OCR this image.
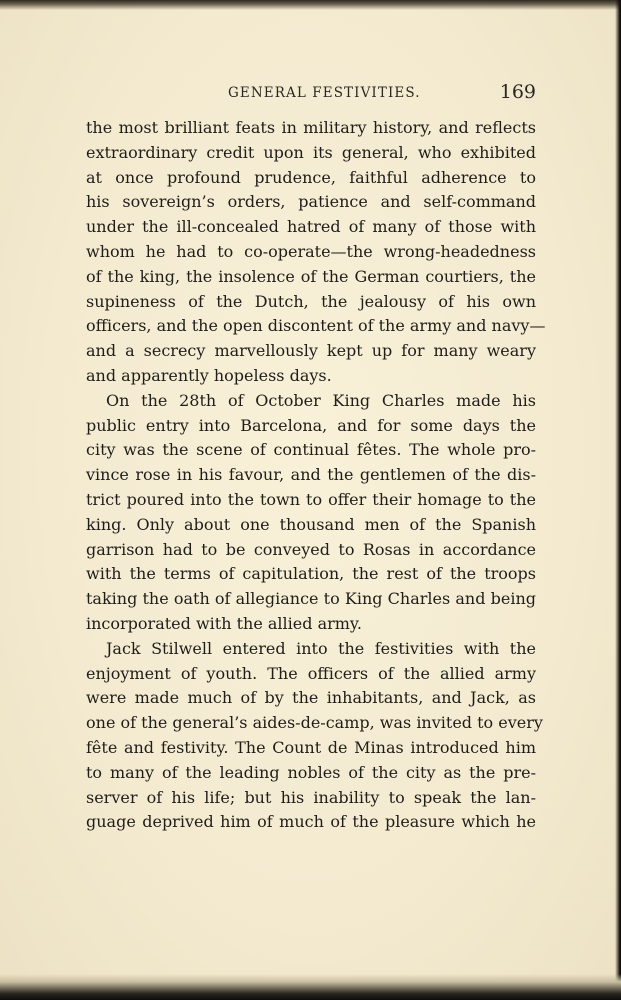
GENERAL FESTIVITIES.	169
the most brilliant feats in military history, and reflects
extraordinary credit upon its general, who exhibited
at once profound prudence, faithful adherence to
his sovereign’s orders, patience and self-command
under the ill-concealed hatred of many of those with
whom he had to co-operate—the wrong-headedness
of the king, the insolence of the German courtiers, the
supineness of the Dutch, the jealousy of his own
officers, and the open discontent of the army and navy—
and a secrecy marvellously kept up for many weary
and apparently hopeless days.
On the 28th of October King Charles made his
public entry into Barcelona, and for some days the
city was the scene of continual fêtes. The whole pro-
vince rose in his favour, and the gentlemen of the dis-
trict poured into the town to offer their homage to the
king. Only about one thousand men of the Spanish
garrison had to be conveyed to Rosas in accordance
with the terms of capitulation, the rest of the troops
taking the oath of allegiance to King Charles and being
incorporated with the allied army.
Jack Stilwell entered into the festivities with the
enjoyment of youth. The officers of the allied army
were made much of by the inhabitants, and Jack, as
one of the general’s aides-de-camp, was invited to every
fête and festivity. The Count de Minas introduced him
to many of the leading nobles of the city as the pre-
server of his life; but his inability to speak the lan-
guage deprived him of much of the pleasure which he
